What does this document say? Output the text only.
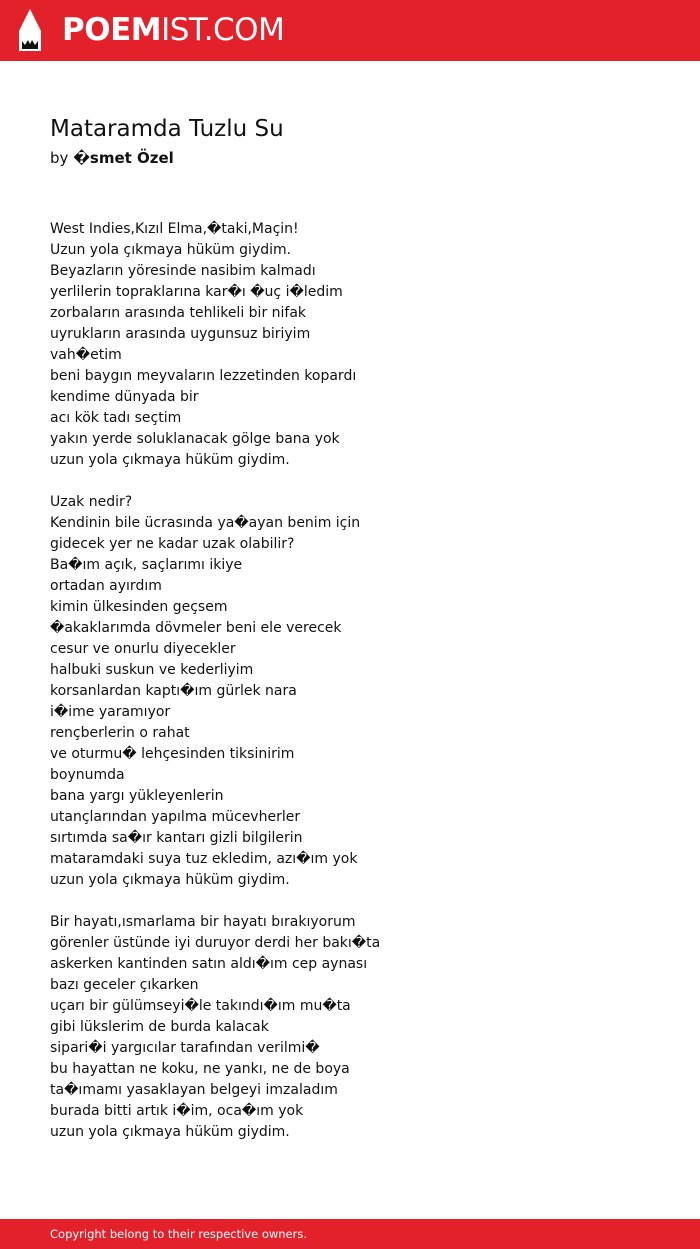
POEMIST.COM
Mataramda Tuzlu Su
by �smet Özel
West Indies,Kızıl Elma,�taki,Maçin!
Uzun yola çıkmaya hüküm giydim.
Beyazların yöresinde nasibim kalmadı
yerlilerin topraklarına kar�ı �uç i�ledim
zorbaların arasında tehlikeli bir nifak
uyrukların arasında uygunsuz biriyim
vah�etim
beni baygın meyvaların lezzetinden kopardı
kendime dünyada bir
acı kök tadı seçtim
yakın yerde soluklanacak gölge bana yok
uzun yola çıkmaya hüküm giydim.
Uzak nedir?
Kendinin bile ücrasında ya�ayan benim için
gidecek yer ne kadar uzak olabilir?
Ba�ım açık, saçlarımı ikiye
ortadan ayırdım
kimin ülkesinden geçsem
�akaklarımda dövmeler beni ele verecek
cesur ve onurlu diyecekler
halbuki suskun ve kederliyim
korsanlardan kaptı�ım gürlek nara
i�ime yaramıyor
rençberlerin o rahat
ve oturmu� lehçesinden tiksinirim
boynumda
bana yargı yükleyenlerin
utançlarından yapılma mücevherler
sırtımda sa�ır kantarı gizli bilgilerin
mataramdaki suya tuz ekledim, azı�ım yok
uzun yola çıkmaya hüküm giydim.
Bir hayatı,ısmarlama bir hayatı bırakıyorum
görenler üstünde iyi duruyor derdi her bakı�ta
askerken kantinden satın aldı�ım cep aynası
bazı geceler çıkarken
uçarı bir gülümseyi�le takındı�ım mu�ta
gibi lükslerim de burda kalacak
sipari�i yargıcılar tarafından verilmi�
bu hayattan ne koku, ne yankı, ne de boya
ta�ımamı yasaklayan belgeyi imzaladım
burada bitti artık i�im, oca�ım yok
uzun yola çıkmaya hüküm giydim.
Copyright belong to their respective owners.
